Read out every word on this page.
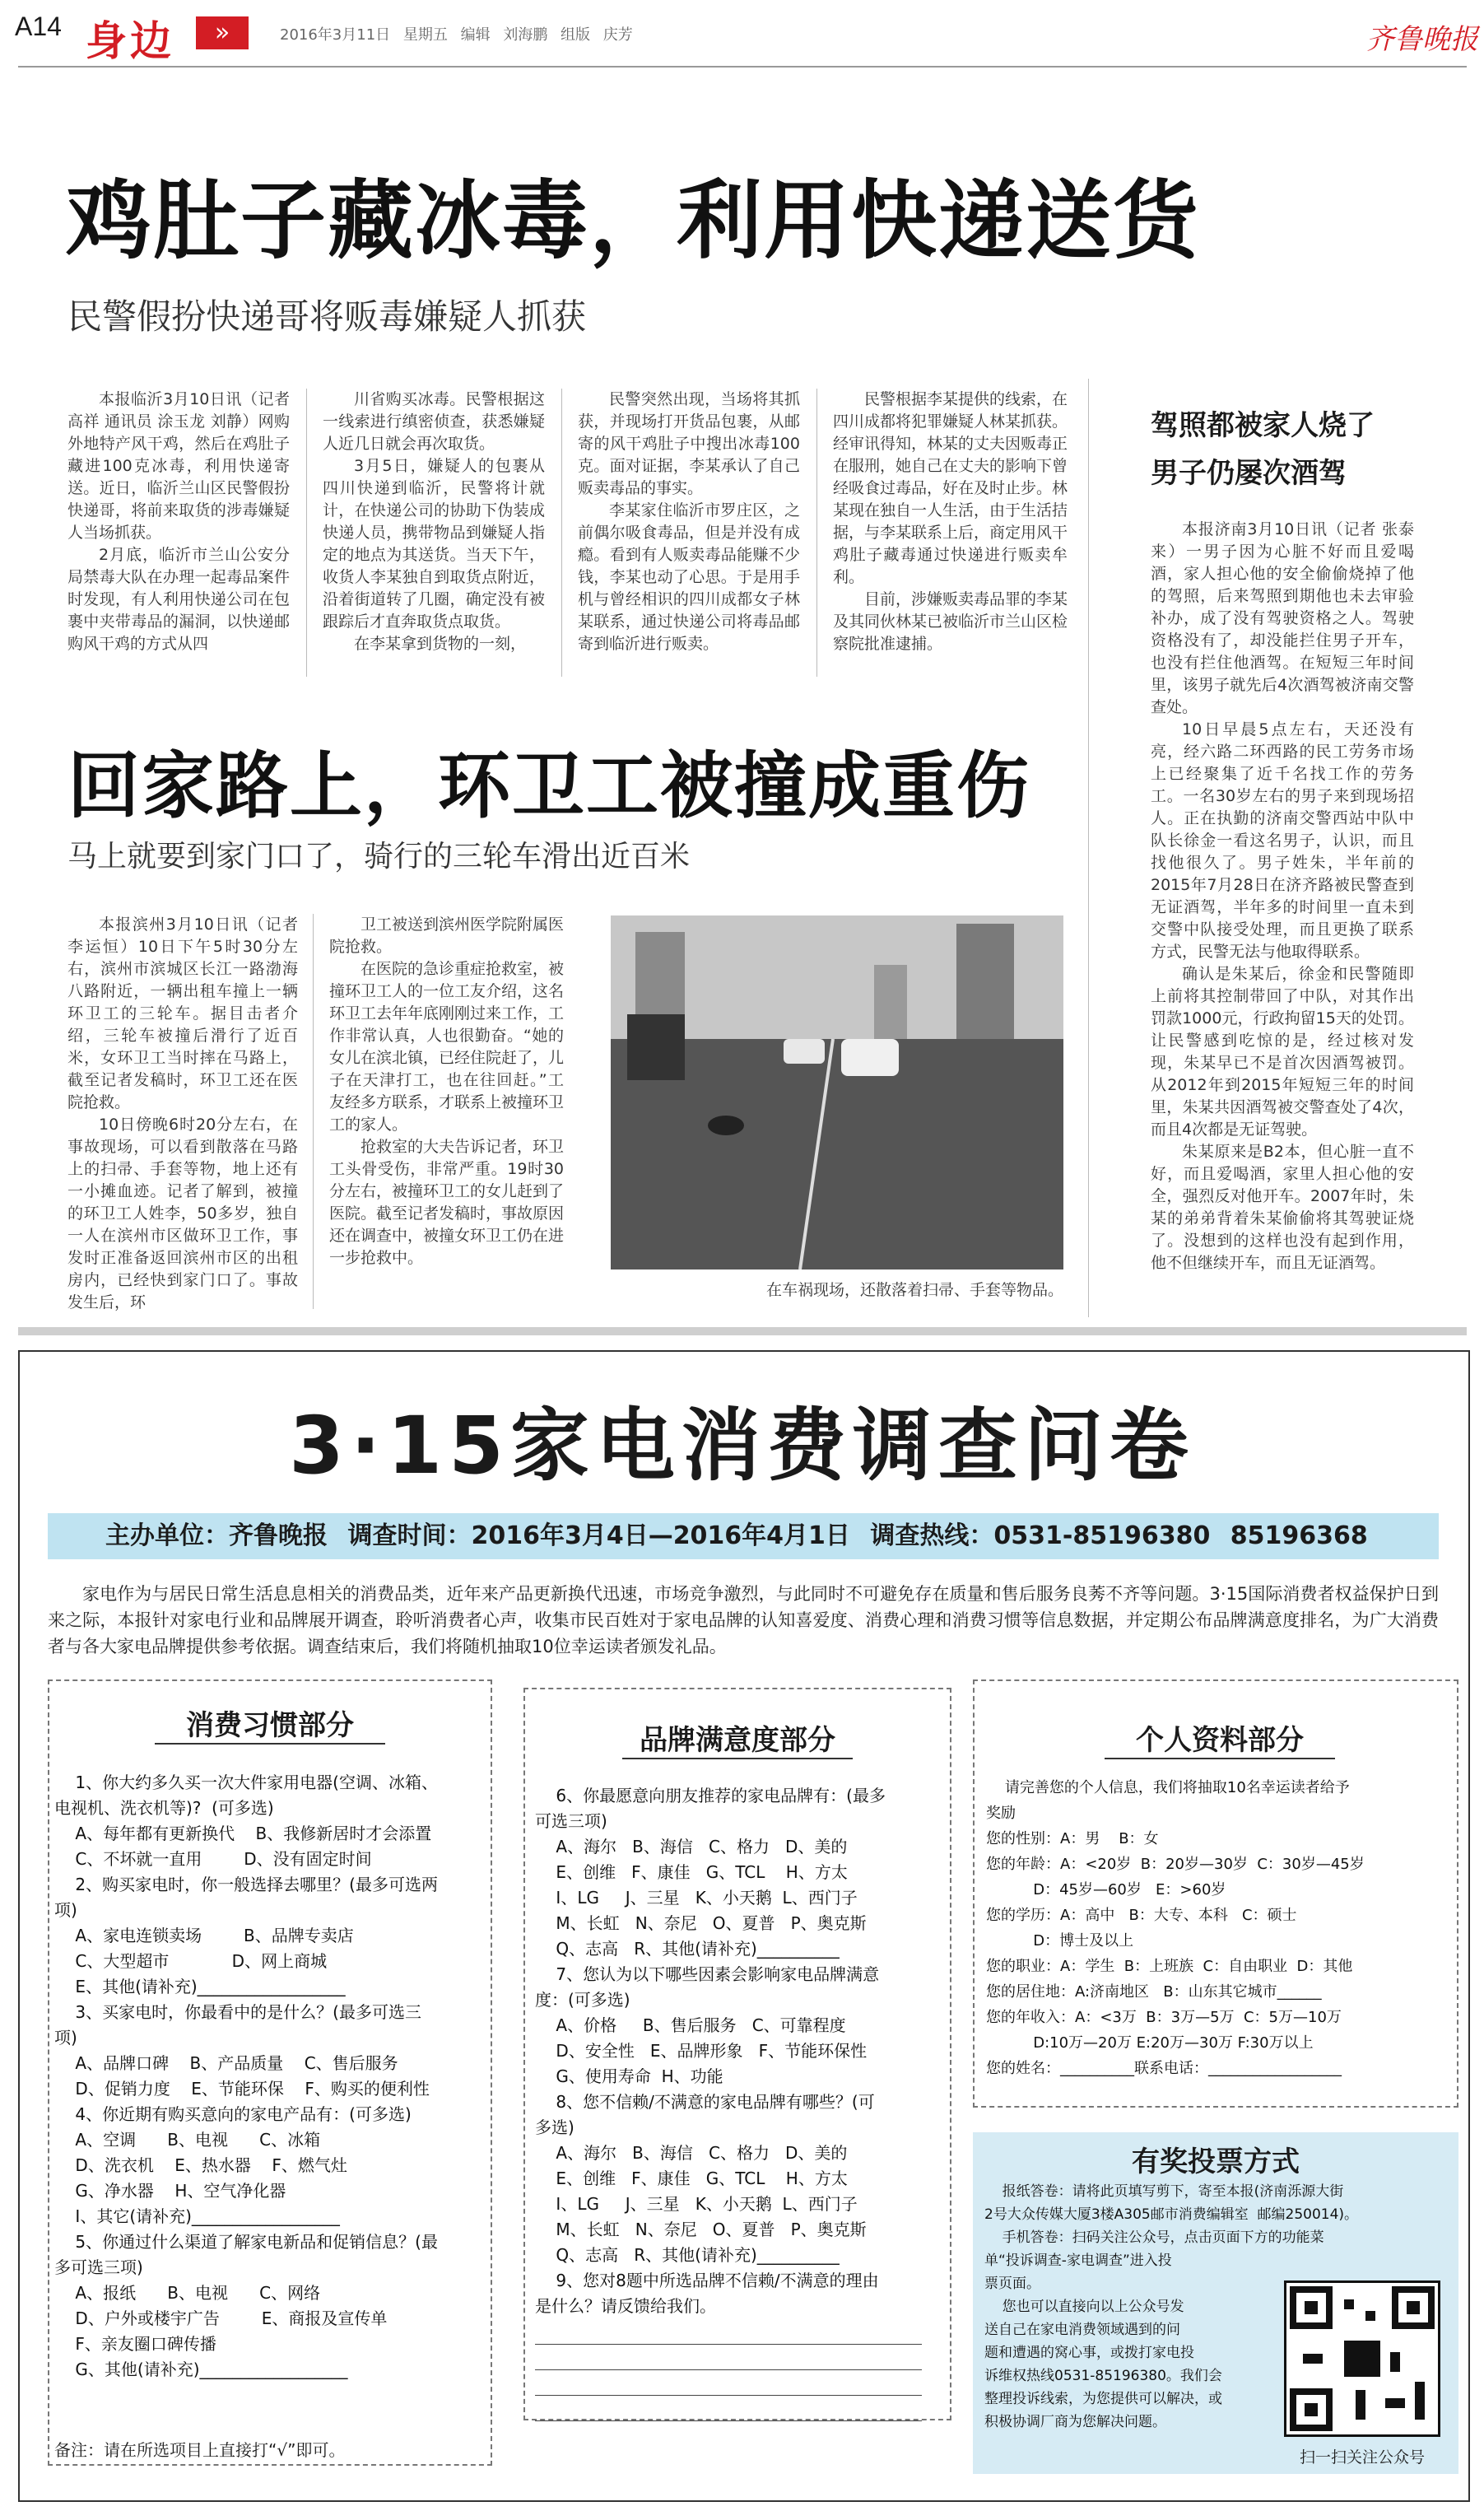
A14 身边	»	2016年3月11日 星期五 编辑 刘海鹏 组版 庆芳	齐鲁晚报
鸡肚子藏冰毒，利用快递送货
民警假扮快递哥将贩毒嫌疑人抓获

本报临沂3月10日讯（记者 高祥 通讯员 涂玉龙 刘静）网购外地特产风干鸡，然后在鸡肚子藏进100克冰毒，利用快递寄送。近日，临沂兰山区民警假扮快递哥，将前来取货的涉毒嫌疑人当场抓获。

2月底，临沂市兰山公安分局禁毒大队在办理一起毒品案件时发现，有人利用快递公司在包裹中夹带毒品的漏洞，以快递邮购风干鸡的方式从四

川省购买冰毒。民警根据这一线索进行缜密侦查，获悉嫌疑人近几日就会再次取货。

3月5日，嫌疑人的包裹从四川快递到临沂，民警将计就计，在快递公司的协助下伪装成快递人员，携带物品到嫌疑人指定的地点为其送货。当天下午，收货人李某独自到取货点附近，沿着街道转了几圈，确定没有被跟踪后才直奔取货点取货。

在李某拿到货物的一刻，

民警突然出现，当场将其抓获，并现场打开货品包裹，从邮寄的风干鸡肚子中搜出冰毒100克。面对证据，李某承认了自己贩卖毒品的事实。

李某家住临沂市罗庄区，之前偶尔吸食毒品，但是并没有成瘾。看到有人贩卖毒品能赚不少钱，李某也动了心思。于是用手机与曾经相识的四川成都女子林某联系，通过快递公司将毒品邮寄到临沂进行贩卖。

民警根据李某提供的线索，在四川成都将犯罪嫌疑人林某抓获。经审讯得知，林某的丈夫因贩毒正在服刑，她自己在丈夫的影响下曾经吸食过毒品，好在及时止步。林某现在独自一人生活，由于生活拮据，与李某联系上后，商定用风干鸡肚子藏毒通过快递进行贩卖牟利。

目前，涉嫌贩卖毒品罪的李某及其同伙林某已被临沂市兰山区检察院批准逮捕。

回家路上，环卫工被撞成重伤
马上就要到家门口了，骑行的三轮车滑出近百米

本报滨州3月10日讯（记者 李运恒）10日下午5时30分左右，滨州市滨城区长江一路渤海八路附近，一辆出租车撞上一辆环卫工的三轮车。据目击者介绍，三轮车被撞后滑行了近百米，女环卫工当时摔在马路上，截至记者发稿时，环卫工还在医院抢救。

10日傍晚6时20分左右，在事故现场，可以看到散落在马路上的扫帚、手套等物，地上还有一小摊血迹。记者了解到，被撞的环卫工人姓李，50多岁，独自一人在滨州市区做环卫工作，事发时正准备返回滨州市区的出租房内，已经快到家门口了。事故发生后，环

卫工被送到滨州医学院附属医院抢救。

在医院的急诊重症抢救室，被撞环卫工人的一位工友介绍，这名环卫工去年年底刚刚过来工作，工作非常认真，人也很勤奋。“她的女儿在滨北镇，已经住院赶了，儿子在天津打工，也在往回赶。”工友经多方联系，才联系上被撞环卫工的家人。

抢救室的大夫告诉记者，环卫工头骨受伤，非常严重。19时30分左右，被撞环卫工的女儿赶到了医院。截至记者发稿时，事故原因还在调查中，被撞女环卫工仍在进一步抢救中。

在车祸现场，还散落着扫帚、手套等物品。
驾照都被家人烧了
男子仍屡次酒驾

本报济南3月10日讯（记者 张泰来）一男子因为心脏不好而且爱喝酒，家人担心他的安全偷偷烧掉了他的驾照，后来驾照到期他也未去审验补办，成了没有驾驶资格之人。驾驶资格没有了，却没能拦住男子开车，也没有拦住他酒驾。在短短三年时间里，该男子就先后4次酒驾被济南交警查处。

10日早晨5点左右，天还没有亮，经六路二环西路的民工劳务市场上已经聚集了近千名找工作的劳务工。一名30岁左右的男子来到现场招人。正在执勤的济南交警西站中队中队长徐金一看这名男子，认识，而且找他很久了。男子姓朱，半年前的2015年7月28日在济齐路被民警查到无证酒驾，半年多的时间里一直未到交警中队接受处理，而且更换了联系方式，民警无法与他取得联系。

确认是朱某后，徐金和民警随即上前将其控制带回了中队，对其作出罚款1000元，行政拘留15天的处罚。让民警感到吃惊的是，经过核对发现，朱某早已不是首次因酒驾被罚。从2012年到2015年短短三年的时间里，朱某共因酒驾被交警查处了4次，而且4次都是无证驾驶。

朱某原来是B2本，但心脏一直不好，而且爱喝酒，家里人担心他的安全，强烈反对他开车。2007年时，朱某的弟弟背着朱某偷偷将其驾驶证烧了。没想到的这样也没有起到作用，他不但继续开车，而且无证酒驾。

3·15家电消费调查问卷
主办单位：齐鲁晚报 调查时间：2016年3月4日—2016年4月1日 调查热线：0531-85196380 85196368
家电作为与居民日常生活息息相关的消费品类，近年来产品更新换代迅速，市场竞争激烈，与此同时不可避免存在质量和售后服务良莠不齐等问题。3·15国际消费者权益保护日到来之际，本报针对家电行业和品牌展开调查，聆听消费者心声，收集市民百姓对于家电品牌的认知喜爱度、消费心理和消费习惯等信息数据，并定期公布品牌满意度排名，为广大消费者与各大家电品牌提供参考依据。调查结束后，我们将随机抽取10位幸运读者颁发礼品。
消费习惯部分
1、你大约多久买一次大件家用电器(空调、冰箱、
电视机、洗衣机等)?  (可多选)
A、每年都有更新换代    B、我修新居时才会添置
C、不坏就一直用        D、没有固定时间
2、购买家电时，你一般选择去哪里？(最多可选两
项)
A、家电连锁卖场        B、品牌专卖店
C、大型超市            D、网上商城
E、其他(请补充)__________________
3、买家电时，你最看中的是什么？(最多可选三
项)
A、品牌口碑    B、产品质量    C、售后服务
D、促销力度    E、节能环保    F、购买的便利性
4、你近期有购买意向的家电产品有：(可多选)
A、空调      B、电视      C、冰箱
D、洗衣机    E、热水器    F、燃气灶
G、净水器    H、空气净化器
I、其它(请补充)__________________
5、你通过什么渠道了解家电新品和促销信息？(最
多可选三项)
A、报纸      B、电视      C、网络
D、户外或楼宇广告        E、商报及宣传单
F、亲友圈口碑传播
G、其他(请补充)__________________
备注：请在所选项目上直接打“√”即可。
品牌满意度部分
6、你最愿意向朋友推荐的家电品牌有：(最多
可选三项)
A、海尔   B、海信   C、格力   D、美的
E、创维   F、康佳   G、TCL    H、方太
I、LG     J、三星   K、小天鹅  L、西门子
M、长虹   N、奈尼   O、夏普   P、奥克斯
Q、志高   R、其他(请补充)__________
7、您认为以下哪些因素会影响家电品牌满意
度：(可多选)
A、价格     B、售后服务   C、可靠程度
D、安全性   E、品牌形象   F、节能环保性
G、使用寿命  H、功能
8、您不信赖/不满意的家电品牌有哪些？(可
多选)
A、海尔   B、海信   C、格力   D、美的
E、创维   F、康佳   G、TCL    H、方太
I、LG     J、三星   K、小天鹅  L、西门子
M、长虹   N、奈尼   O、夏普   P、奥克斯
Q、志高   R、其他(请补充)__________
9、您对8题中所选品牌不信赖/不满意的理由
是什么？请反馈给我们。
个人资料部分
请完善您的个人信息，我们将抽取10名幸运读者给予
奖励
您的性别：A：男    B：女
您的年龄：A：<20岁  B：20岁—30岁  C：30岁—45岁
D：45岁—60岁   E：>60岁
您的学历：A：高中   B：大专、本科   C：硕士
D：博士及以上
您的职业：A：学生  B：上班族  C：自由职业  D：其他
您的居住地：A:济南地区   B：山东其它城市______
您的年收入：A：<3万  B：3万—5万  C：5万—10万
D:10万—20万 E:20万—30万 F:30万以上
您的姓名：__________联系电话：__________________
有奖投票方式
报纸答卷：请将此页填写剪下，寄至本报(济南泺源大街
2号大众传媒大厦3楼A305邮市消费编辑室  邮编250014)。
手机答卷：扫码关注公众号，点击页面下方的功能菜
单“投诉调查-家电调查”进入投
票页面。
您也可以直接向以上公众号发
送自己在家电消费领域遇到的问
题和遭遇的窝心事，或拨打家电投
诉维权热线0531-85196380。我们会
整理投诉线索，为您提供可以解决，或
积极协调厂商为您解决问题。
扫一扫关注公众号
